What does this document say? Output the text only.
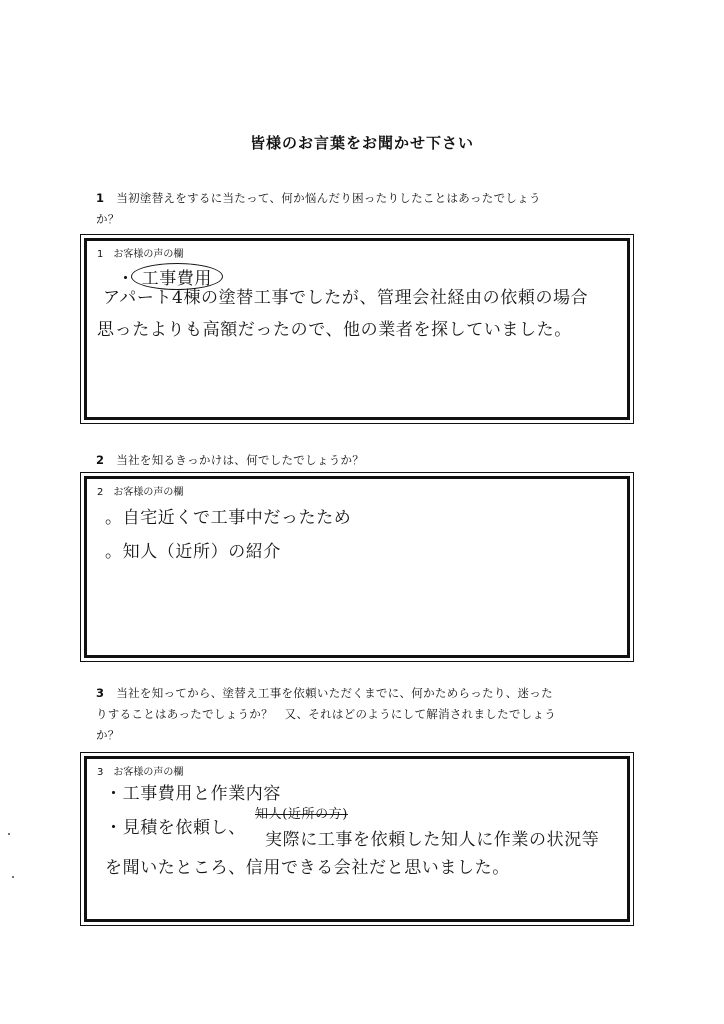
皆様のお言葉をお聞かせ下さい
1 当初塗替えをするに当たって、何か悩んだり困ったりしたことはあったでしょう
か？
1　お客様の声の欄
・ 工事費用
アパート4棟の塗替工事でしたが、管理会社経由の依頼の場合
思ったよりも高額だったので、他の業者を探していました。
2 当社を知るきっかけは、何でしたでしょうか？
2　お客様の声の欄
。自宅近くで工事中だったため
。知人（近所）の紹介
3 当社を知ってから、塗替え工事を依頼いただくまでに、何かためらったり、迷った
りすることはあったでしょうか？　又、それはどのようにして解消されましたでしょう
か？
3　お客様の声の欄
・工事費用と作業内容
知人(近所の方)
・見積を依頼し、
実際に工事を依頼した知人に作業の状況等
を聞いたところ、信用できる会社だと思いました。
